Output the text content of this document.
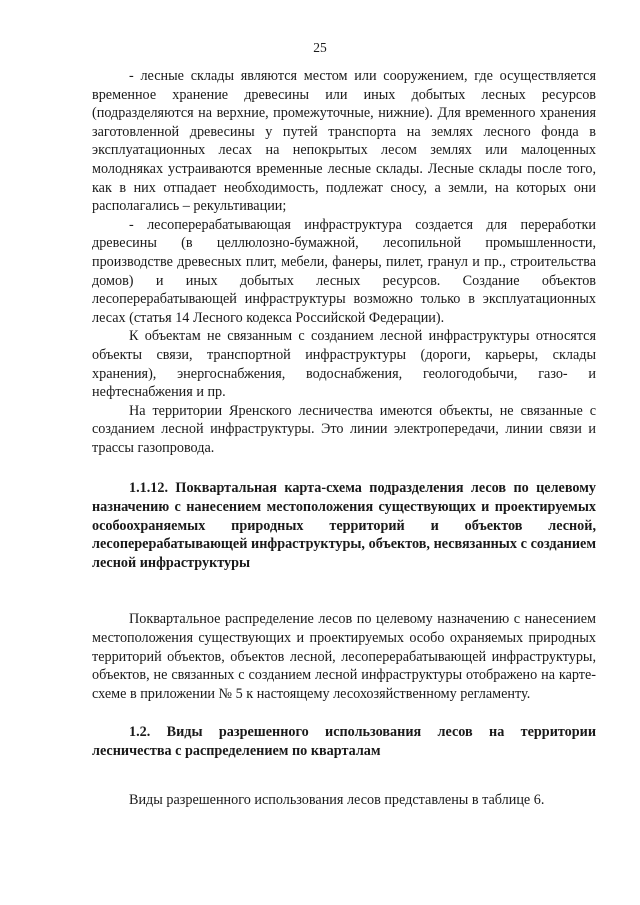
25

- лесные склады являются местом или сооружением, где осуществляется временное хранение древесины или иных добытых лесных ресурсов (подразделяются на верхние, промежуточные, нижние). Для временного хранения заготовленной древесины у путей транспорта на землях лесного фонда в эксплуатационных лесах на непокрытых лесом землях или малоценных молодняках устраиваются временные лесные склады. Лесные склады после того, как в них отпадает необходимость, подлежат сносу, а земли, на которых они располагались – рекультивации;

- лесоперерабатывающая инфраструктура создается для переработки древесины (в целлюлозно-бумажной, лесопильной промышленности, производстве древесных плит, мебели, фанеры, пилет, гранул и пр., строительства домов) и иных добытых лесных ресурсов. Создание объектов лесоперерабатывающей инфраструктуры возможно только в эксплуатационных лесах (статья 14 Лесного кодекса Российской Федерации).

К объектам не связанным с созданием лесной инфраструктуры относятся объекты связи, транспортной инфраструктуры (дороги, карьеры, склады хранения), энергоснабжения, водоснабжения, геологодобычи, газо- и нефтеснабжения и пр.

На территории Яренского лесничества имеются объекты, не связанные с созданием лесной инфраструктуры. Это линии электропередачи, линии связи и трассы газопровода.

1.1.12. Поквартальная карта-схема подразделения лесов по целевому назначению с нанесением местоположения существующих и проектируемых особоохраняемых природных территорий и объектов лесной, лесоперерабатывающей инфраструктуры, объектов, несвязанных с созданием лесной инфраструктуры

Поквартальное распределение лесов по целевому назначению с нанесением местоположения существующих и проектируемых особо охраняемых природных территорий объектов, объектов лесной, лесоперерабатывающей инфраструктуры, объектов, не связанных с созданием лесной инфраструктуры отображено на карте-схеме в приложении № 5 к настоящему лесохозяйственному регламенту.

1.2. Виды разрешенного использования лесов на территории лесничества с распределением по кварталам

Виды разрешенного использования лесов представлены в таблице 6.
